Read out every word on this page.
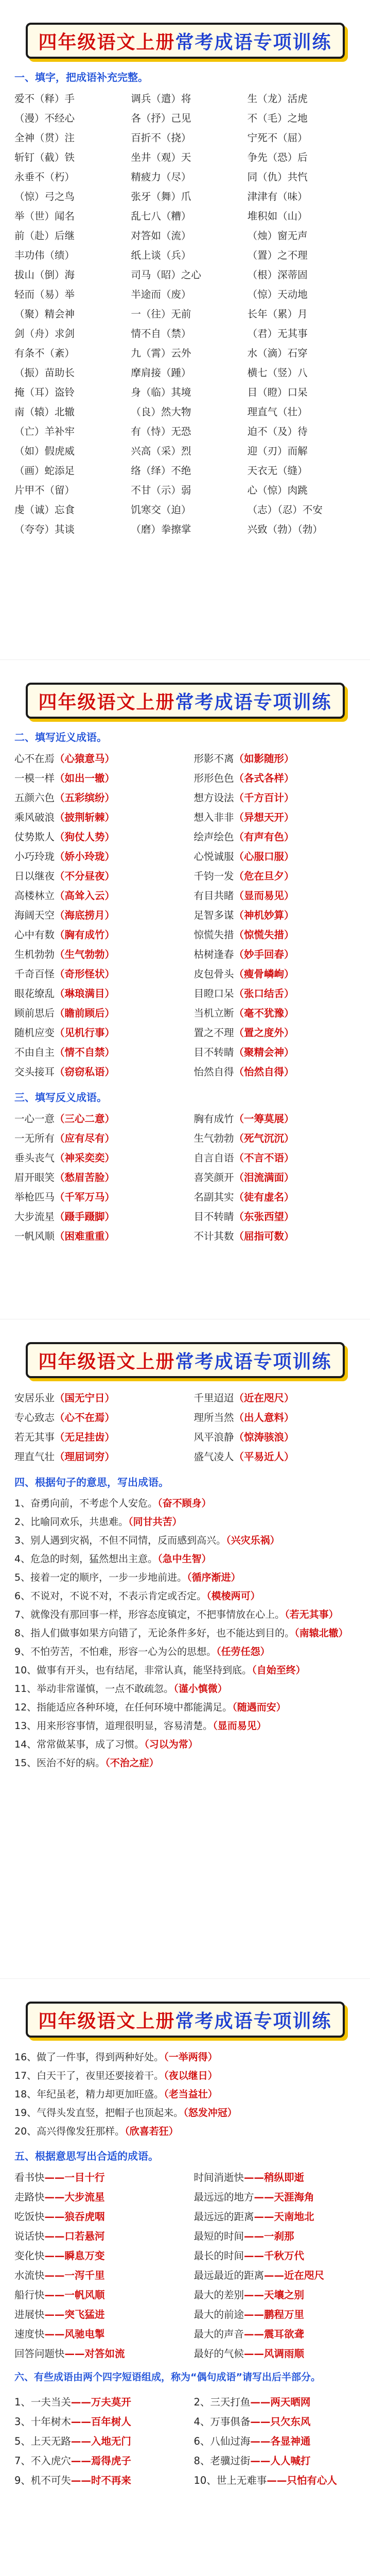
四年级语文上册 常考成语专项训练
一、填字，把成语补充完整。
爱不（释）手	调兵（遣）将	生（龙）活虎
（漫）不经心	各（抒）己见	不（毛）之地
全神（贯）注	百折不（挠）	宁死不（屈）
斩钉（截）铁	坐井（观）天	争先（恐）后
永垂不（朽）	精疲力（尽）	同（仇）共忾
（惊）弓之鸟	张牙（舞）爪	津津有（味）
举（世）闻名	乱七八（糟）	堆积如（山）
前（赴）后继	对答如（流）	（烛）窗无声
丰功伟（绩）	纸上谈（兵）	（置）之不理
拔山（倒）海	司马（昭）之心	（根）深蒂固
轻而（易）举	半途而（废）	（惊）天动地
（聚）精会神	一（往）无前	长年（累）月
剑（舟）求剑	情不自（禁）	（君）无其事
有条不（紊）	九（霄）云外	水（滴）石穿
（振）苗助长	摩肩接（踵）	横七（竖）八
掩（耳）盗铃	身（临）其境	目（瞪）口呆
南（辕）北辙	（良）然大物	理直气（壮）
（亡）羊补牢	有（恃）无恐	迫不（及）待
（如）假虎威	兴高（采）烈	迎（刃）而解
（画）蛇添足	络（绎）不绝	天衣无（缝）
片甲不（留）	不甘（示）弱	心（惊）肉跳
虔（诚）忘食	饥寒交（迫）	（志）（忍）不安
（夸夸）其谈	（磨）拳擦掌	兴致（勃）（勃）
四年级语文上册 常考成语专项训练
二、填写近义成语。
心不在焉（心猿意马）	形影不离（如影随形）
一模一样（如出一辙）	形形色色（各式各样）
五颜六色（五彩缤纷）	想方设法（千方百计）
乘风破浪（披荆斩棘）	想入非非（异想天开）
仗势欺人（狗仗人势）	绘声绘色（有声有色）
小巧玲珑（娇小玲珑）	心悦诚服（心服口服）
日以继夜（不分昼夜）	千钧一发（危在旦夕）
高楼林立（高耸入云）	有目共睹（显而易见）
海阔天空（海底捞月）	足智多谋（神机妙算）
心中有数（胸有成竹）	惊慌失措（惊慌失措）
生机勃勃（生气勃勃）	枯树逢春（妙手回春）
千奇百怪（奇形怪状）	皮包骨头（瘦骨嶙峋）
眼花缭乱（琳琅满目）	目瞪口呆（张口结舌）
顾前思后（瞻前顾后）	当机立断（毫不犹豫）
随机应变（见机行事）	置之不理（置之度外）
不由自主（情不自禁）	目不转睛（聚精会神）
交头接耳（窃窃私语）	怡然自得（怡然自得）
三、填写反义成语。
一心一意（三心二意）	胸有成竹（一筹莫展）
一无所有（应有尽有）	生气勃勃（死气沉沉）
垂头丧气（神采奕奕）	自言自语（不言不语）
眉开眼笑（愁眉苦脸）	喜笑颜开（泪流满面）
举枪匹马（千军万马）	名副其实（徒有虚名）
大步流星（蹑手蹑脚）	目不转睛（东张西望）
一帆风顺（困难重重）	不计其数（屈指可数）
四年级语文上册 常考成语专项训练
安居乐业（国无宁日）	千里迢迢（近在咫尺）
专心致志（心不在焉）	理所当然（出人意料）
若无其事（无足挂齿）	风平浪静（惊涛骇浪）
理直气壮（理屈词穷）	盛气凌人（平易近人）
四、根据句子的意思，写出成语。
1、奋勇向前，不考虑个人安危。（奋不顾身）
2、比喻同欢乐，共患难。（同甘共苦）
3、别人遇到灾祸，不但不同情，反而感到高兴。（兴灾乐祸）
4、危急的时刻，猛然想出主意。（急中生智）
5、接着一定的顺序，一步一步地前进。（循序渐进）
6、不说对，不说不对，不表示肯定或否定。（模棱两可）
7、就像没有那回事一样，形容态度镇定，不把事情放在心上。（若无其事）
8、指人们做事如果方向错了，无论条件多好，也不能达到目的。（南辕北辙）
9、不怕劳苦，不怕难，形容一心为公的思想。（任劳任怨）
10、做事有开头，也有结尾，非常认真，能坚持到底。（自始至终）
11、举动非常谨慎，一点不敢疏忽。（谨小慎微）
12、指能适应各种环境，在任何环境中都能满足。（随遇而安）
13、用来形容事情，道理很明显，容易清楚。（显而易见）
14、常常做某事，成了习惯。（习以为常）
15、医治不好的病。（不治之症）
四年级语文上册 常考成语专项训练
16、做了一件事，得到两种好处。（一举两得）
17、白天干了，夜里还要接着干。（夜以继日）
18、年纪虽老，精力却更加旺盛。（老当益壮）
19、气得头发直竖，把帽子也顶起来。（怒发冲冠）
20、高兴得像发狂那样。（欣喜若狂）
五、根据意思写出合适的成语。
看书快——一目十行	时间消逝快——稍纵即逝
走路快——大步流星	最远远的地方——天涯海角
吃饭快——狼吞虎咽	最远远的距离——天南地北
说话快——口若悬河	最短的时间——一刹那
变化快——瞬息万变	最长的时间——千秋万代
水流快——一泻千里	最远最近的距离——近在咫尺
船行快——一帆风顺	最大的差别——天壤之别
进展快——突飞猛进	最大的前途——鹏程万里
速度快——风驰电掣	最大的声音——震耳欲聋
回答问题快——对答如流	最好的气候——风调雨顺
六、有些成语由两个四字短语组成，称为“偶句成语”请写出后半部分。
1、一夫当关——万夫莫开	2、三天打鱼——两天晒网
3、十年树木——百年树人	4、万事俱备——只欠东风
5、上天无路——入地无门	6、八仙过海——各显神通
7、不入虎穴——焉得虎子	8、老骥过街——人人喊打
9、机不可失——时不再来	10、世上无难事——只怕有心人
